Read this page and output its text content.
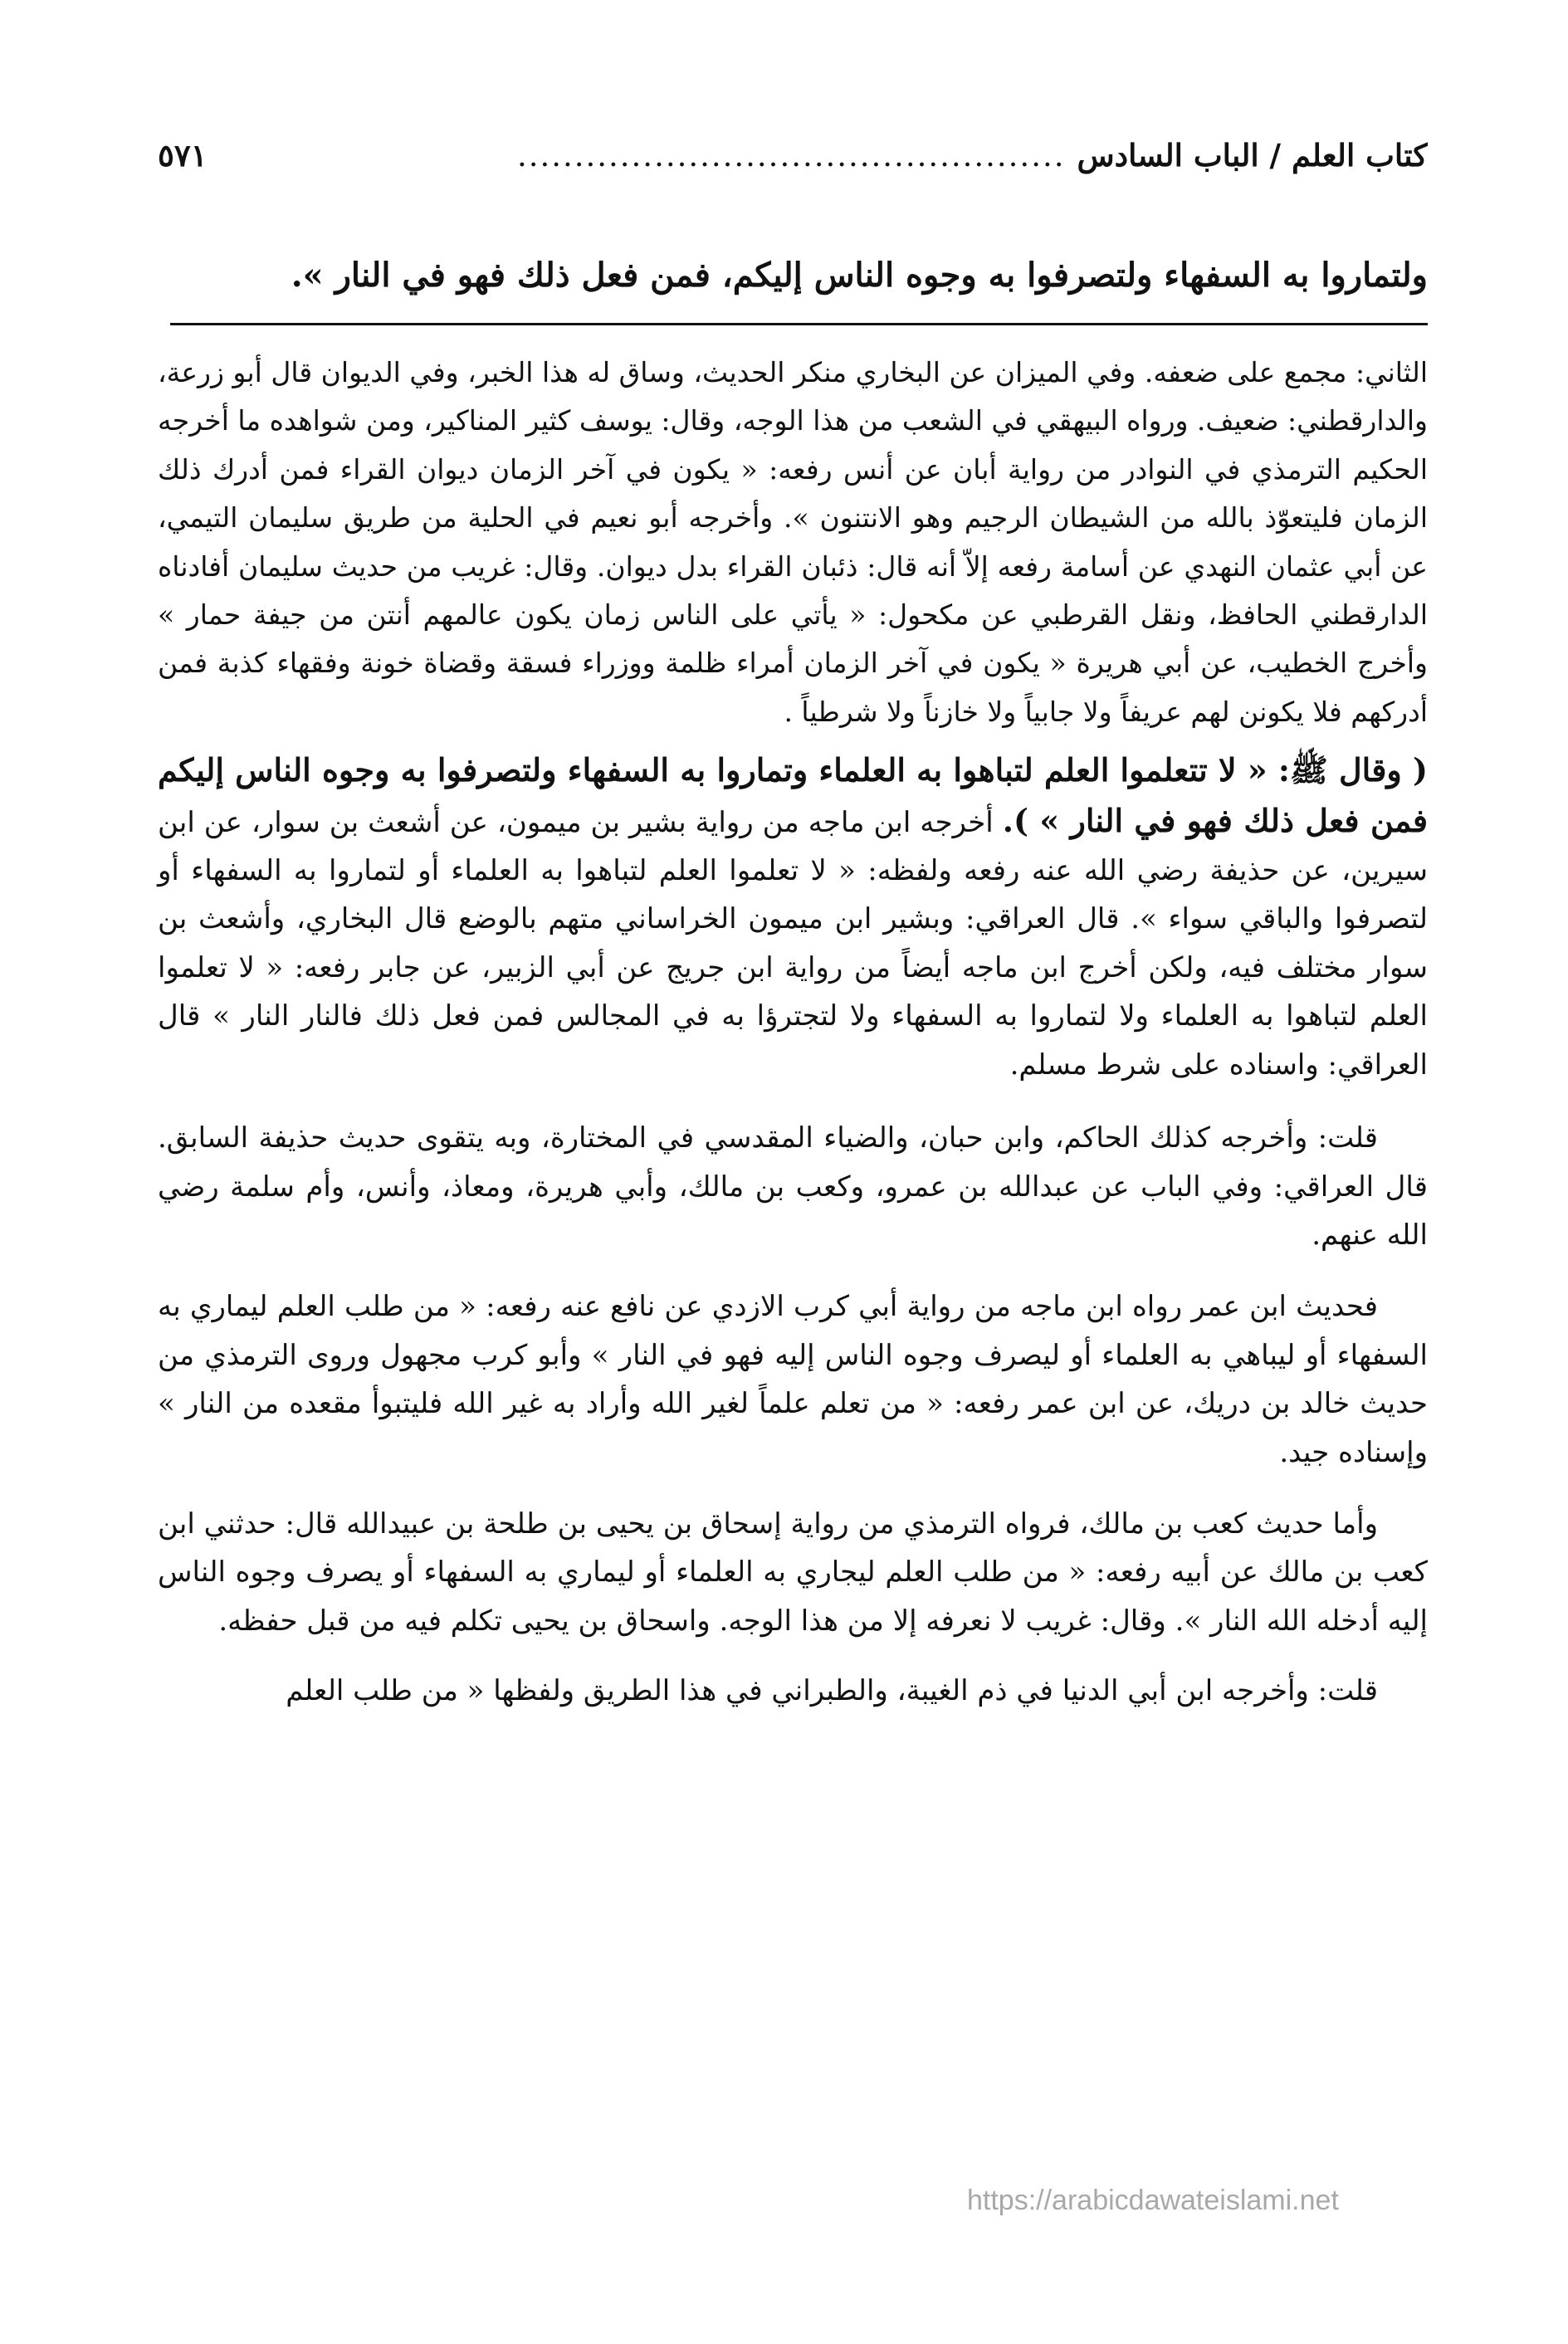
كتاب العلم / الباب السادس
................................................
٥٧١
ولتماروا به السفهاء ولتصرفوا به وجوه الناس إليكم، فمن فعل ذلك فهو في النار ».

الثاني: مجمع على ضعفه. وفي الميزان عن البخاري منكر الحديث، وساق له هذا الخبر، وفي الديوان قال أبو زرعة، والدارقطني: ضعيف. ورواه البيهقي في الشعب من هذا الوجه، وقال: يوسف كثير المناكير، ومن شواهده ما أخرجه الحكيم الترمذي في النوادر من رواية أبان عن أنس رفعه: « يكون في آخر الزمان ديوان القراء فمن أدرك ذلك الزمان فليتعوّذ بالله من الشيطان الرجيم وهو الانتنون ». وأخرجه أبو نعيم في الحلية من طريق سليمان التيمي، عن أبي عثمان النهدي عن أسامة رفعه إلاّ أنه قال: ذئبان القراء بدل ديوان. وقال: غريب من حديث سليمان أفادناه الدارقطني الحافظ، ونقل القرطبي عن مكحول: « يأتي على الناس زمان يكون عالمهم أنتن من جيفة حمار » وأخرج الخطيب، عن أبي هريرة « يكون في آخر الزمان أمراء ظلمة ووزراء فسقة وقضاة خونة وفقهاء كذبة فمن أدركهم فلا يكونن لهم عريفاً ولا جابياً ولا خازناً ولا شرطياً .

( وقال ﷺ: « لا تتعلموا العلم لتباهوا به العلماء وتماروا به السفهاء ولتصرفوا به وجوه الناس إليكم فمن فعل ذلك فهو في النار » ). أخرجه ابن ماجه من رواية بشير بن ميمون، عن أشعث بن سوار، عن ابن سيرين، عن حذيفة رضي الله عنه رفعه ولفظه: « لا تعلموا العلم لتباهوا به العلماء أو لتماروا به السفهاء أو لتصرفوا والباقي سواء ». قال العراقي: وبشير ابن ميمون الخراساني متهم بالوضع قال البخاري، وأشعث بن سوار مختلف فيه، ولكن أخرج ابن ماجه أيضاً من رواية ابن جريج عن أبي الزبير، عن جابر رفعه: « لا تعلموا العلم لتباهوا به العلماء ولا لتماروا به السفهاء ولا لتجترؤا به في المجالس فمن فعل ذلك فالنار النار » قال العراقي: واسناده على شرط مسلم.

قلت: وأخرجه كذلك الحاكم، وابن حبان، والضياء المقدسي في المختارة، وبه يتقوى حديث حذيفة السابق. قال العراقي: وفي الباب عن عبدالله بن عمرو، وكعب بن مالك، وأبي هريرة، ومعاذ، وأنس، وأم سلمة رضي الله عنهم.

فحديث ابن عمر رواه ابن ماجه من رواية أبي كرب الازدي عن نافع عنه رفعه: « من طلب العلم ليماري به السفهاء أو ليباهي به العلماء أو ليصرف وجوه الناس إليه فهو في النار » وأبو كرب مجهول وروى الترمذي من حديث خالد بن دريك، عن ابن عمر رفعه: « من تعلم علماً لغير الله وأراد به غير الله فليتبوأ مقعده من النار » وإسناده جيد.

وأما حديث كعب بن مالك، فرواه الترمذي من رواية إسحاق بن يحيى بن طلحة بن عبيدالله قال: حدثني ابن كعب بن مالك عن أبيه رفعه: « من طلب العلم ليجاري به العلماء أو ليماري به السفهاء أو يصرف وجوه الناس إليه أدخله الله النار ». وقال: غريب لا نعرفه إلا من هذا الوجه. واسحاق بن يحيى تكلم فيه من قبل حفظه.

قلت: وأخرجه ابن أبي الدنيا في ذم الغيبة، والطبراني في هذا الطريق ولفظها « من طلب العلم

https://arabicdawateislami.net
